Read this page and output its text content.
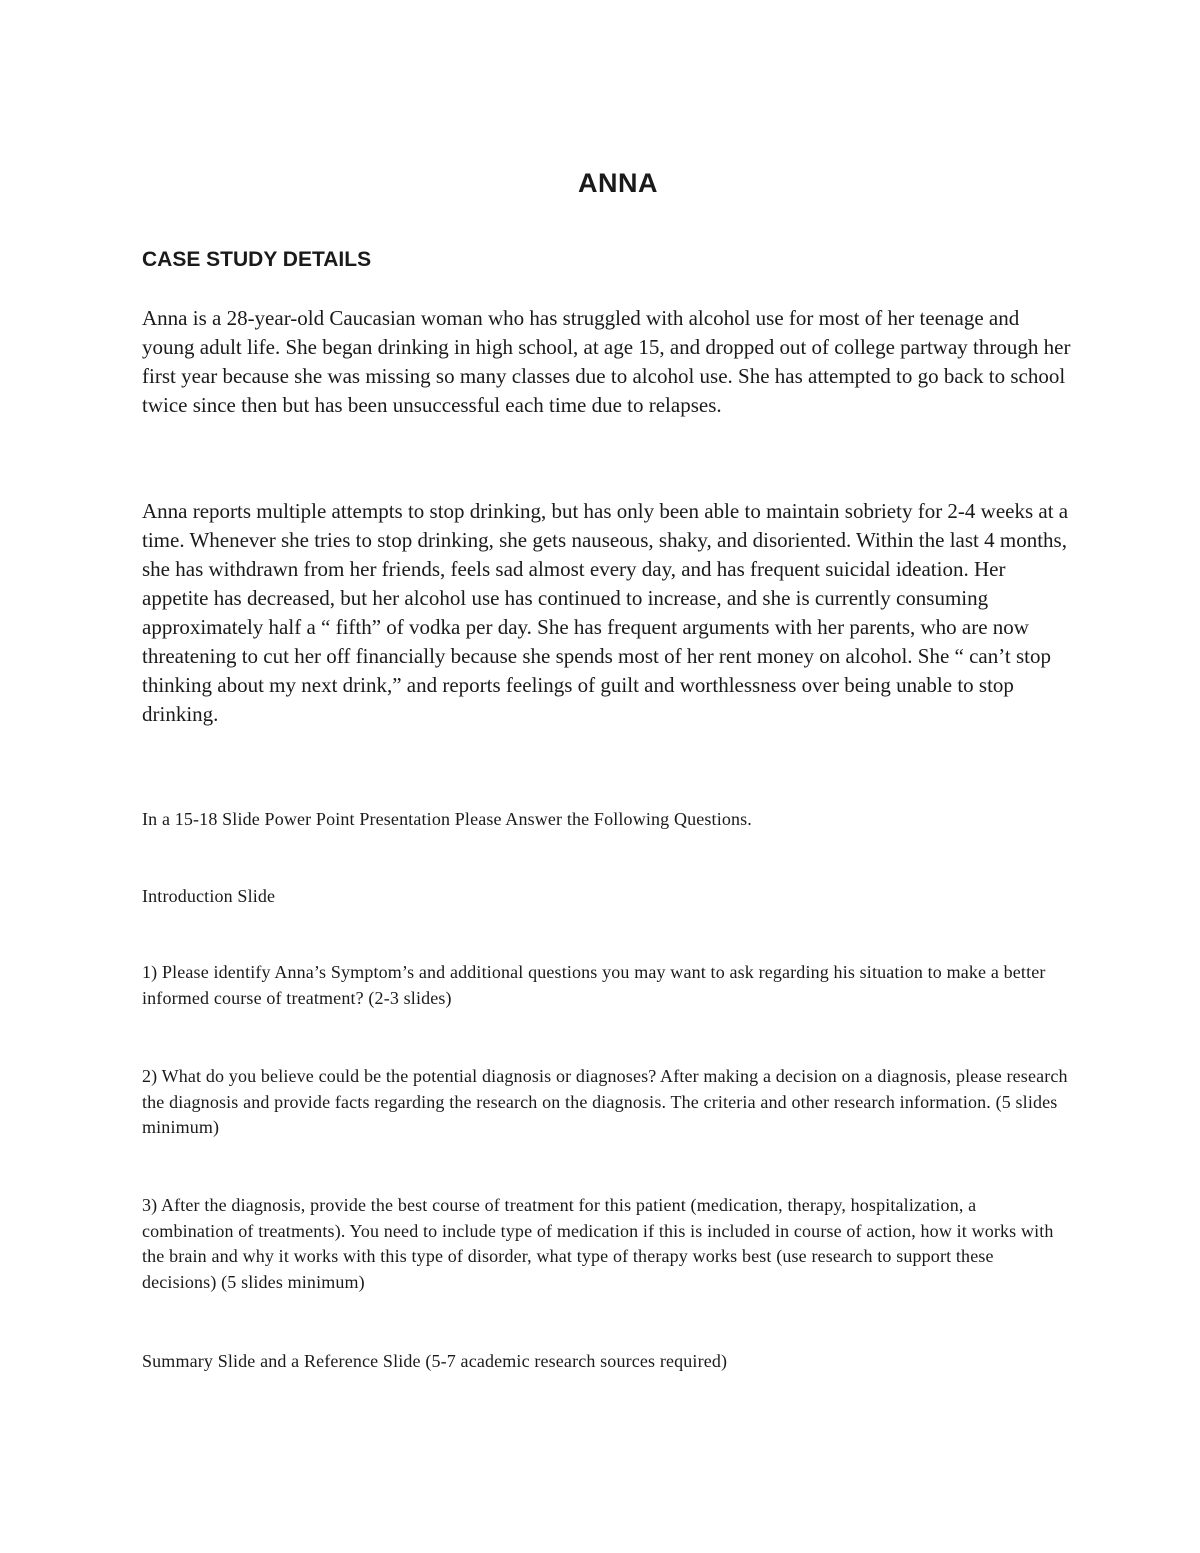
ANNA
CASE STUDY DETAILS

Anna is a 28-year-old Caucasian woman who has struggled with alcohol use for most of her teenage and young adult life. She began drinking in high school, at age 15, and dropped out of college partway through her first year because she was missing so many classes due to alcohol use. She has attempted to go back to school twice since then but has been unsuccessful each time due to relapses.

Anna reports multiple attempts to stop drinking, but has only been able to maintain sobriety for 2-4 weeks at a time. Whenever she tries to stop drinking, she gets nauseous, shaky, and disoriented. Within the last 4 months, she has withdrawn from her friends, feels sad almost every day, and has frequent suicidal ideation. Her appetite has decreased, but her alcohol use has continued to increase, and she is currently consuming approximately half a “ fifth” of vodka per day. She has frequent arguments with her parents, who are now threatening to cut her off financially because she spends most of her rent money on alcohol. She “ can’t stop thinking about my next drink,” and reports feelings of guilt and worthlessness over being unable to stop drinking.

In a 15-18 Slide Power Point Presentation Please Answer the Following Questions.

Introduction Slide

1) Please identify Anna’s Symptom’s and additional questions you may want to ask regarding his situation to make a better informed course of treatment? (2-3 slides)

2) What do you believe could be the potential diagnosis or diagnoses? After making a decision on a diagnosis, please research the diagnosis and provide facts regarding the research on the diagnosis. The criteria and other research information. (5 slides minimum)

3) After the diagnosis, provide the best course of treatment for this patient (medication, therapy, hospitalization, a combination of treatments). You need to include type of medication if this is included in course of action, how it works with the brain and why it works with this type of disorder, what type of therapy works best (use research to support these decisions) (5 slides minimum)

Summary Slide and a Reference Slide (5-7 academic research sources required)
